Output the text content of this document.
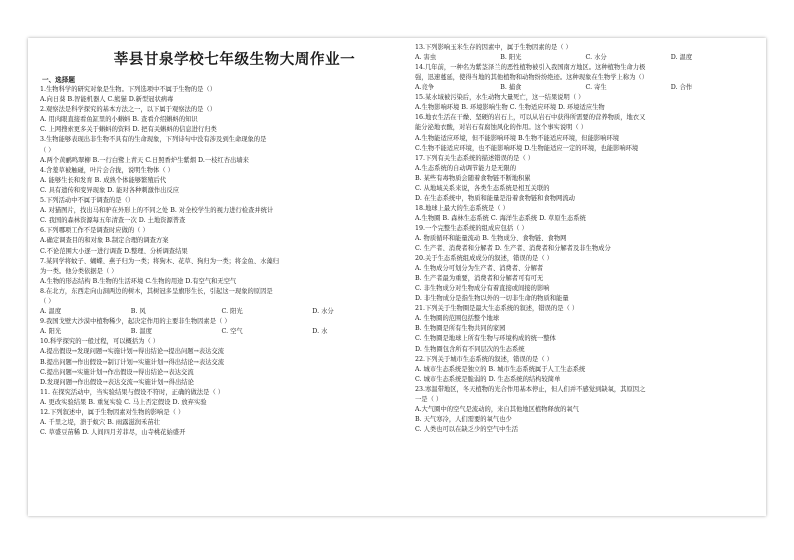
莘县甘泉学校七年级生物大周作业一
一、选择题
1.生物科学的研究对象是生物。下列选项中不属于生物的是（）
A.向日葵 B.智能机器人 C.熊猫 D.新型冠状病毒
2.观察法是科学探究的基本方法之一，以下属于观察法的是（）
A. 用肉眼直接看鱼缸里的小蝌蚪 B. 查看介绍蝌蚪的知识
C. 上网搜索更多关于蝌蚪的资料 D. 把有关蝌蚪的信息进行归类
3.生物能够表现出非生物不具有的生命现象，下列诗句中没有涉及到生命现象的是
（ ）
A.两个黄鹂鸣翠柳 B.一行白鹭上青天 C.日照香炉生紫烟 D.一枝红杏出墙来
4.含羞草被触碰，叶片会合拢，说明生物体（ ）
A. 能够生长和发育 B. 成熟个体能够繁殖后代
C. 具有遗传和变异现象 D. 能对各种刺激作出反应
5.下列活动中不属于调查的是（）
A. 对猫图片，找出马和驴在外形上的不同之处 B. 对全校学生的视力进行检查并统计
C. 我国的森林资源每五年清查一次 D. 土地资源普查
6.下列哪项工作不是调查时应做的（ ）
A.确定调查目的和对象 B.制定合理的调查方案
C.不论范围大小逐一进行调查 D.整理、分析调查结果
7.某同学将蚊子、蝴蝶、燕子归为一类；将狗木、花草、狗归为一类；将金鱼、水藻归
为一类。他分类依据是（ ）
A.生物的形态结构 B.生物的生活环境 C.生物的用途 D.有空气和无空气
8.在北方，东西走向山洞两边的树木，其树冠多呈旗形生长，引起这一现象的原因是
（ ）
A. 温度	B. 风	C. 阳光	D. 水分
9.我国戈壁大沙漠中植物稀少，起决定作用的主要非生物因素是（ ）
A. 阳光	B. 温度	C. 空气	D. 水
10.科学探究的一般过程，可以概括为（ ）
A.提出假设→发现问题→实施计划→得出结论→提出问题→表达交流
B.提出问题→作出假设→制订计划→实施计划→得出结论→表达交流
C.提出问题→实施计划→作出假设→得出结论→表达交流
D.发现问题→作出假设→表达交流→实施计划→得出结论
11. 在探究活动中，当实验结果与假设不符时，正确的做法是（ ）
A. 更改实验结果 B. 重复实验 C. 马上否定假设 D. 放弃实验
12.下列叙述中，属于生物因素对生物的影响是（ ）
A. 千里之堤，溃于蚁穴 B. 雨露滋润禾苗壮
C. 草盛豆苗稀 D. 人间四月芳菲尽，山寺桃花始盛开
13.下列影响玉米生存的因素中，属于生物因素的是（ ）
A. 害虫	B. 阳光	C. 水分	D. 温度
14.几年前，一种名为紫茎泽兰的恶性植物被引入我国南方地区。这种植物生命力极
强，迅速蔓延，使得当地的其他植物和动物纷纷绝迹。这种现象在生物学上称为（）
A.竞争	B. 捕食	C. 寄生	D. 合作
15.某水域被污染后，水生动物大量死亡，这一结果说明（ ）
A.生物影响环境 B. 环境影响生物 C. 生物适应环境 D. 环境适应生物
16.地衣生活在干燥、坚硬的岩石上，可以从岩石中获得所需要的营养物质，地衣又
能分泌地衣酸，对岩石有腐蚀风化的作用。这个事实说明（ ）
A.生物能适应环境，但不能影响环境 B.生物不能适应环境，但能影响环境
C.生物不能适应环境，也不能影响环境 D.生物能适应一定的环境，也能影响环境
17.下列有关生态系统的描述错误的是（ ）
A.生态系统的自动调节能力是无限的
B. 某些有毒物质会随着食物链不断地积累
C. 从地域关系来说，各类生态系统是相互关联的
D. 在生态系统中，物质和能量是沿着食物链和食物网流动
18.地球上最大的生态系统是（ ）
A.生物圈 B. 森林生态系统 C. 海洋生态系统 D. 草原生态系统
19.一个完整生态系统的组成应包括（ ）
A. 物质循环和能量流动 B. 生物成分、食物链、食物网
C. 生产者、消费者和分解者 D. 生产者、消费者和分解者及非生物成分
20.关于生态系统组成成分的叙述，错误的是（ ）
A. 生物成分可划分为生产者、消费者、分解者
B. 生产者最为重要，消费者和分解者可有可无
C. 非生物成分对生物成分有着直接或间接的影响
D. 非生物成分是指生物以外的一切非生命的物质和能量
21.下列关于生物圈是最大生态系统的叙述，错误的是（ ）
A. 生物圈的范围包括整个地球
B. 生物圈是所有生物共同的家园
C. 生物圈是地球上所有生物与环境构成的统一整体
D. 生物圈包含所有不同层次的生态系统
22.下列关于城市生态系统的叙述，错误的是（ ）
A. 城市生态系统是独立的 B. 城市生态系统属于人工生态系统
C. 城市生态系统是脆弱的 D. 生态系统的结构较简单
23.寒温带地区，冬天植物的光合作用基本停止，但人们并不感觉到缺氧，其原因之
一是（ ）
A.大气圈中的空气是流动的，来自其他地区植物释放的氧气
B. 天气寒冷，人们需要的氧气也少
C. 人类也可以在缺乏少的空气中生活
